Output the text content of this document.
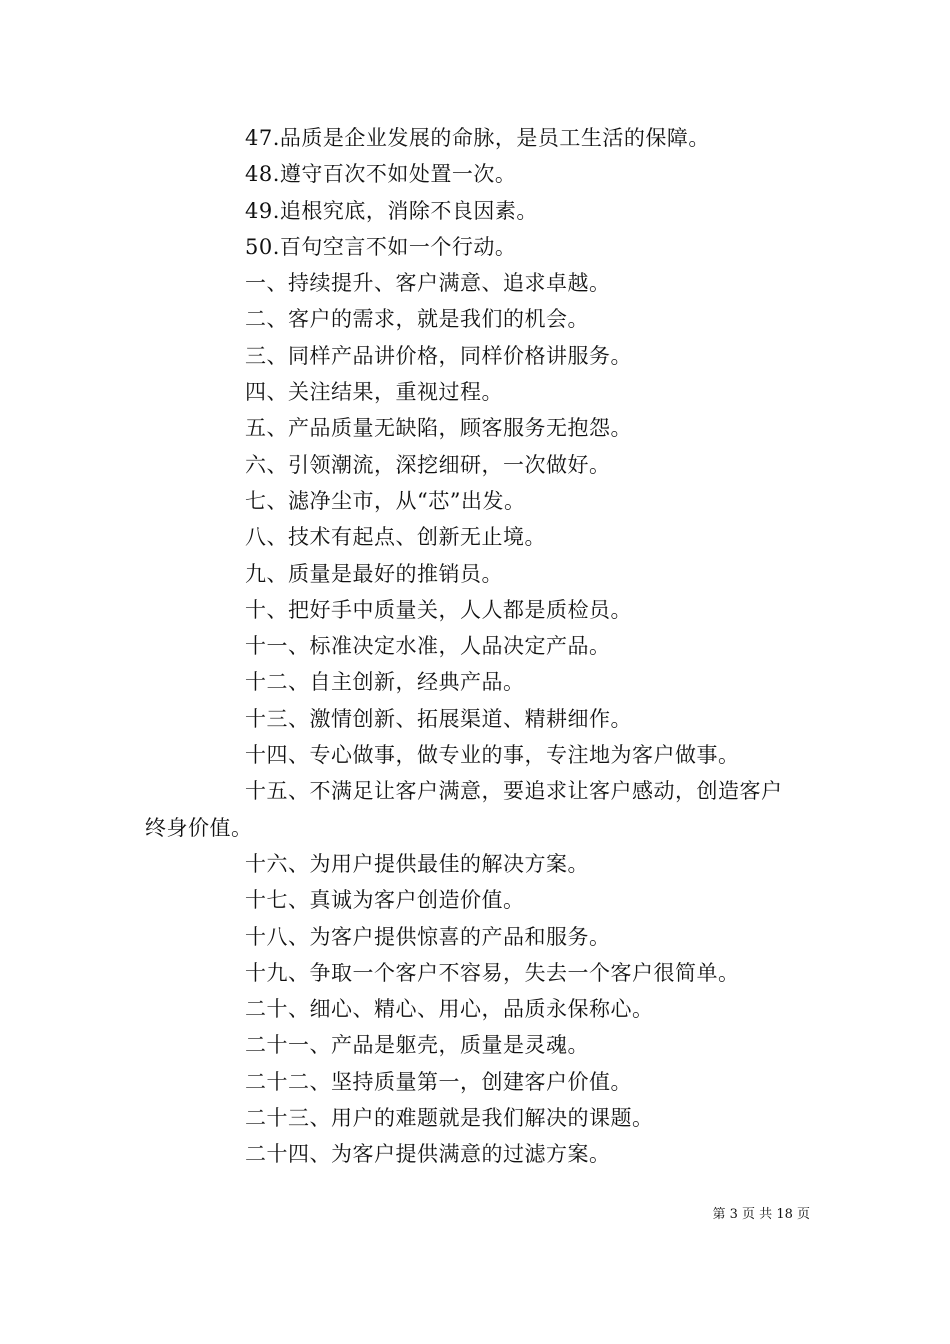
47.品质是企业发展的命脉，是员工生活的保障。
48.遵守百次不如处置一次。
49.追根究底，消除不良因素。
50.百句空言不如一个行动。
一、持续提升、客户满意、追求卓越。
二、客户的需求，就是我们的机会。
三、同样产品讲价格，同样价格讲服务。
四、关注结果，重视过程。
五、产品质量无缺陷，顾客服务无抱怨。
六、引领潮流，深挖细研，一次做好。
七、滤净尘市，从“芯”出发。
八、技术有起点、创新无止境。
九、质量是最好的推销员。
十、把好手中质量关，人人都是质检员。
十一、标准决定水准，人品决定产品。
十二、自主创新，经典产品。
十三、激情创新、拓展渠道、精耕细作。
十四、专心做事，做专业的事，专注地为客户做事。
十五、不满足让客户满意，要追求让客户感动，创造客户
终身价值。
十六、为用户提供最佳的解决方案。
十七、真诚为客户创造价值。
十八、为客户提供惊喜的产品和服务。
十九、争取一个客户不容易，失去一个客户很简单。
二十、细心、精心、用心，品质永保称心。
二十一、产品是躯壳，质量是灵魂。
二十二、坚持质量第一，创建客户价值。
二十三、用户的难题就是我们解决的课题。
二十四、为客户提供满意的过滤方案。
第 3 页 共 18 页
